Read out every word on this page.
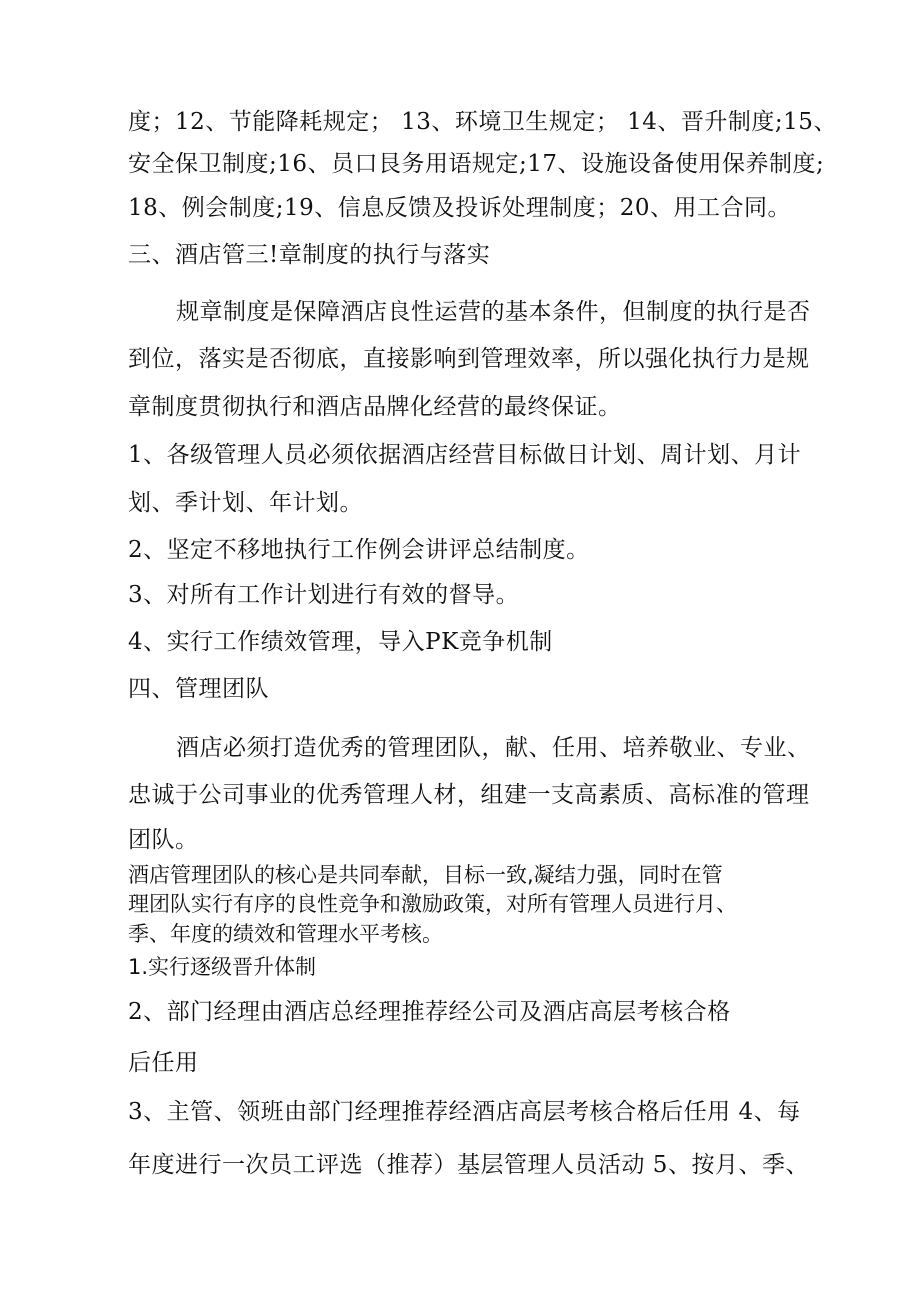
度；12、节能降耗规定； 13、环境卫生规定； 14、晋升制度;15、
安全保卫制度;16、员口艮务用语规定;17、设施设备使用保养制度;
18、例会制度;19、信息反馈及投诉处理制度；20、用工合同。
三、酒店管三!章制度的执行与落实
规章制度是保障酒店良性运营的基本条件，但制度的执行是否
到位，落实是否彻底，直接影响到管理效率，所以强化执行力是规
章制度贯彻执行和酒店品牌化经营的最终保证。
1、各级管理人员必须依据酒店经营目标做日计划、周计划、月计
划、季计划、年计划。
2、坚定不移地执行工作例会讲评总结制度。
3、对所有工作计划进行有效的督导。
4、实行工作绩效管理，导入PK竞争机制
四、管理团队
酒店必须打造优秀的管理团队，献、任用、培养敬业、专业、
忠诚于公司事业的优秀管理人材，组建一支高素质、高标准的管理
团队。
酒店管理团队的核心是共同奉献，目标一致,凝结力强，同时在管
理团队实行有序的良性竞争和激励政策，对所有管理人员进行月、
季、年度的绩效和管理水平考核。
1.实行逐级晋升体制
2、部门经理由酒店总经理推荐经公司及酒店高层考核合格
后任用
3、主管、领班由部门经理推荐经酒店高层考核合格后任用 4、每
年度进行一次员工评选（推荐）基层管理人员活动 5、按月、季、
